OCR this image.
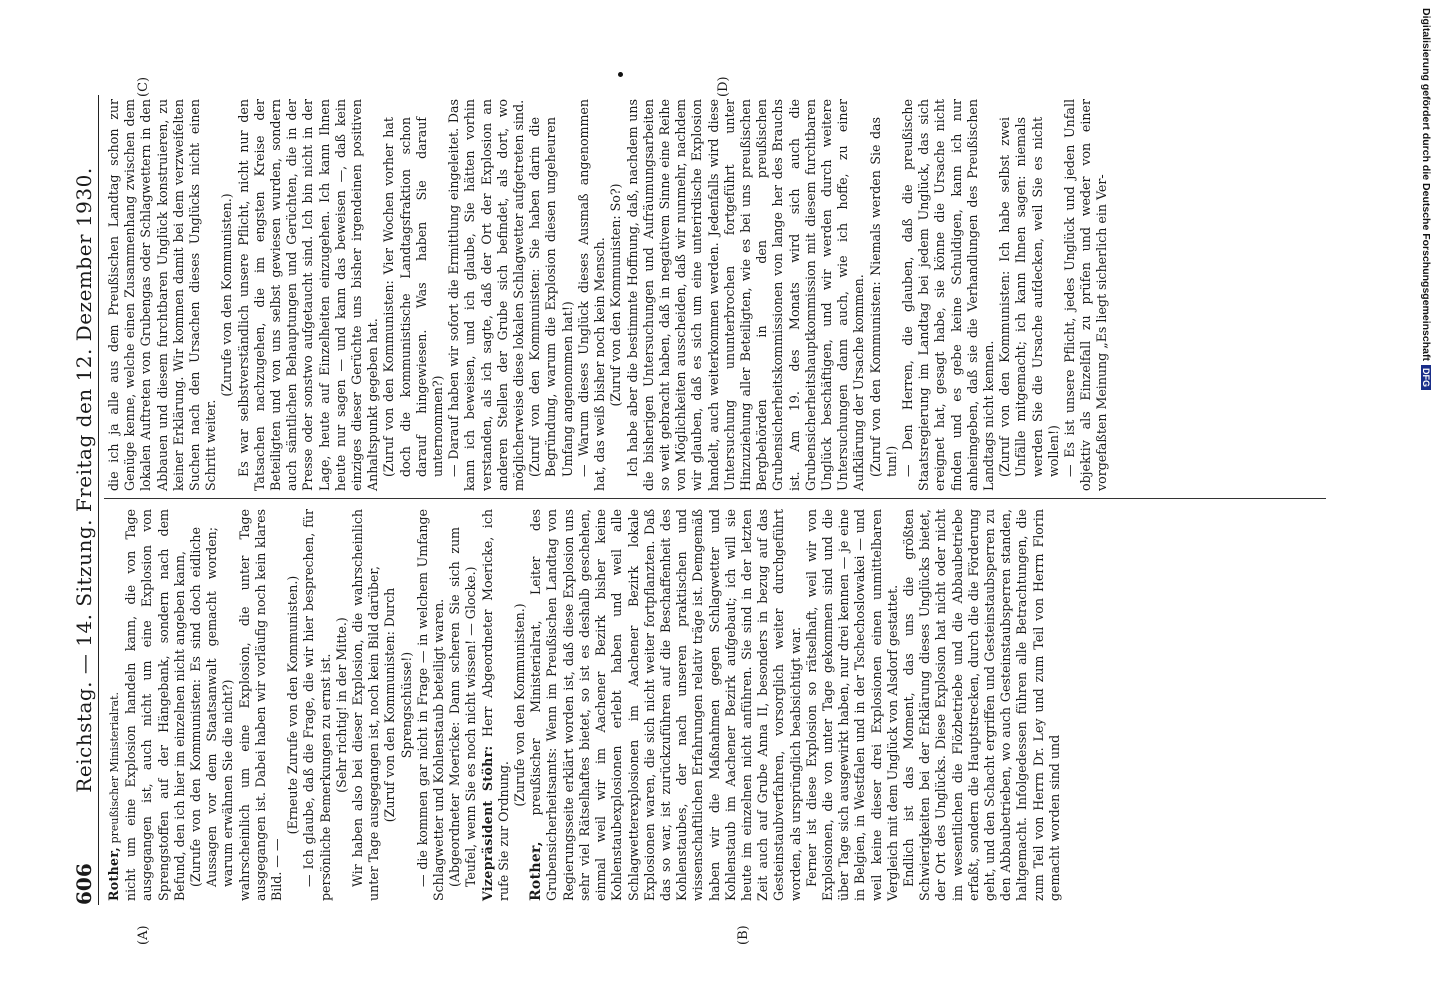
606
Reichstag. — 14. Sitzung. Freitag den 12. Dezember 1930.

Rother, preußischer Ministerialrat. nicht um eine Explosion handeln kann, die von Tage ausgegangen ist, auch nicht um eine Explosion von Sprengstoffen auf der Hängebank, sondern nach dem Befund, den ich hier im einzelnen nicht angeben kann, (Zurufe von den Kommunisten: Es sind doch eidliche Aussagen vor dem Staatsanwalt gemacht worden; warum erwähnen Sie die nicht?) wahrscheinlich um eine Explosion, die unter Tage ausgegangen ist. Dabei haben wir vorläufig noch kein klares Bild. — —

(Erneute Zurufe von den Kommunisten.) — Ich glaube, daß die Frage, die wir hier besprechen, für persönliche Bemerkungen zu ernst ist. (Sehr richtig! in der Mitte.) Wir haben also bei dieser Explosion, die wahrscheinlich unter Tage ausgegangen ist, noch kein Bild darüber, (Zuruf von den Kommunisten: Durch Sprengschüsse!) — die kommen gar nicht in Frage — in welchem Umfange Schlagwetter und Kohlenstaub beteiligt waren. (Abgeordneter Moericke: Dann scheren Sie sich zum Teufel, wenn Sie es noch nicht wissen! — Glocke.) Vizepräsident Stöhr: Herr Abgeordneter Moericke, ich rufe Sie zur Ordnung.

(Zurufe von den Kommunisten.)

Rother, preußischer Ministerialrat, Leiter des Grubensicherheitsamts: Wenn im Preußischen Landtag von Regierungsseite erklärt worden ist, daß diese Explosion uns sehr viel Rätselhaftes bietet, so ist es deshalb geschehen, einmal weil wir im Aachener Bezirk bisher keine Kohlenstaubexplosionen erlebt haben und weil alle Schlagwetterexplosionen im Aachener Bezirk lokale Explosionen waren, die sich nicht weiter fortpflanzten. Daß das so war, ist zurückzuführen auf die Beschaffenheit des Kohlenstaubes, der nach unseren praktischen und wissenschaftlichen Erfahrungen relativ träge ist. Demgemäß haben wir die Maßnahmen gegen Schlagwetter und Kohlenstaub im Aachener Bezirk aufgebaut; ich will sie heute im einzelnen nicht anführen. Sie sind in der letzten Zeit auch auf Grube Anna II, besonders in bezug auf das Gesteinstaubverfahren, vorsorglich weiter durchgeführt worden, als ursprünglich beabsichtigt war. Ferner ist diese Explosion so rätselhaft, weil wir von Explosionen, die von unter Tage gekommen sind und die über Tage sich ausgewirkt haben, nur drei kennen — je eine in Belgien, in Westfalen und in der Tschechoslowakei — und weil keine dieser drei Explosionen einen unmittelbaren Vergleich mit dem Unglück von Alsdorf gestattet. Endlich ist das Moment, das uns die größten Schwierigkeiten bei der Erklärung dieses Unglücks bietet, der Ort des Unglücks. Diese Explosion hat nicht oder nicht im wesentlichen die Flözbetriebe und die Abbaubetriebe erfaßt, sondern die Hauptstrecken, durch die die Förderung geht, und den Schacht ergriffen und Gesteinstaubsperren zu den Abbaubetrieben, wo auch Gesteinstaubsperren standen, haltgemacht. Infolgedessen führen alle Betrachtungen, die zum Teil von Herrn Dr. Ley und zum Teil von Herrn Florin gemacht worden sind und

die ich ja alle aus dem Preußischen Landtag schon zur Genüge kenne, welche einen Zusammenhang zwischen dem lokalen Auftreten von Grubengas oder Schlagwettern in den Abbauen und diesem furchtbaren Unglück konstruieren, zu keiner Erklärung. Wir kommen damit bei dem verzweifelten Suchen nach den Ursachen dieses Unglücks nicht einen Schritt weiter.

(Zurufe von den Kommunisten.) Es war selbstverständlich unsere Pflicht, nicht nur den Tatsachen nachzugehen, die im engsten Kreise der Beteiligten und von uns selbst gewiesen wurden, sondern auch sämtlichen Behauptungen und Gerüchten, die in der Presse oder sonstwo aufgetaucht sind. Ich bin nicht in der Lage, heute auf Einzelheiten einzugehen. Ich kann Ihnen heute nur sagen — und kann das beweisen —, daß kein einziges dieser Gerüchte uns bisher irgendeinen positiven Anhaltspunkt gegeben hat. (Zuruf von den Kommunisten: Vier Wochen vorher hat doch die kommunistische Landtagsfraktion schon darauf hingewiesen. Was haben Sie darauf unternommen?) — Darauf haben wir sofort die Ermittlung eingeleitet. Das kann ich beweisen, und ich glaube, Sie hätten vorhin verstanden, als ich sagte, daß der Ort der Explosion an anderen Stellen der Grube sich befindet, als dort, wo möglicherweise diese lokalen Schlagwetter aufgetreten sind. (Zuruf von den Kommunisten: Sie haben darin die Begründung, warum die Explosion diesen ungeheuren Umfang angenommen hat!) — Warum dieses Unglück dieses Ausmaß angenommen hat, das weiß bisher noch kein Mensch. (Zuruf von den Kommunisten: So?) Ich habe aber die bestimmte Hoffnung, daß, nachdem uns die bisherigen Untersuchungen und Aufräumungsarbeiten so weit gebracht haben, daß in negativem Sinne eine Reihe von Möglichkeiten ausscheiden, daß wir nunmehr, nachdem wir glauben, daß es sich um eine unterirdische Explosion handelt, auch weiterkommen werden. Jedenfalls wird diese Untersuchung ununterbrochen fortgeführt unter Hinzuziehung aller Beteiligten, wie es bei uns preußischen Bergbehörden in den preußischen Grubensicherheitskommissionen von lange her des Brauchs ist. Am 19. des Monats wird sich auch die Grubensicherheitshauptkommission mit diesem furchtbaren Unglück beschäftigen, und wir werden durch weitere Untersuchungen dann auch, wie ich hoffe, zu einer Aufklärung der Ursache kommen. (Zuruf von den Kommunisten: Niemals werden Sie das tun!) — Den Herren, die glauben, daß die preußische Staatsregierung im Landtag bei jedem Unglück, das sich ereignet hat, gesagt habe, sie könne die Ursache nicht finden und es gebe keine Schuldigen, kann ich nur anheimgeben, daß sie die Verhandlungen des Preußischen Landtags nicht kennen. (Zuruf von den Kommunisten: Ich habe selbst zwei Unfälle mitgemacht; ich kann Ihnen sagen: niemals werden Sie die Ursache aufdecken, weil Sie es nicht wollen!) — Es ist unsere Pflicht, jedes Unglück und jeden Unfall objektiv als Einzelfall zu prüfen und weder von einer vorgefaßten Meinung „Es liegt sicherlich ein Ver-

(A)	(B)
(C)	(D)	Digitalisierung gefördert durch die Deutsche ForschungsgemeinschaftDFG
